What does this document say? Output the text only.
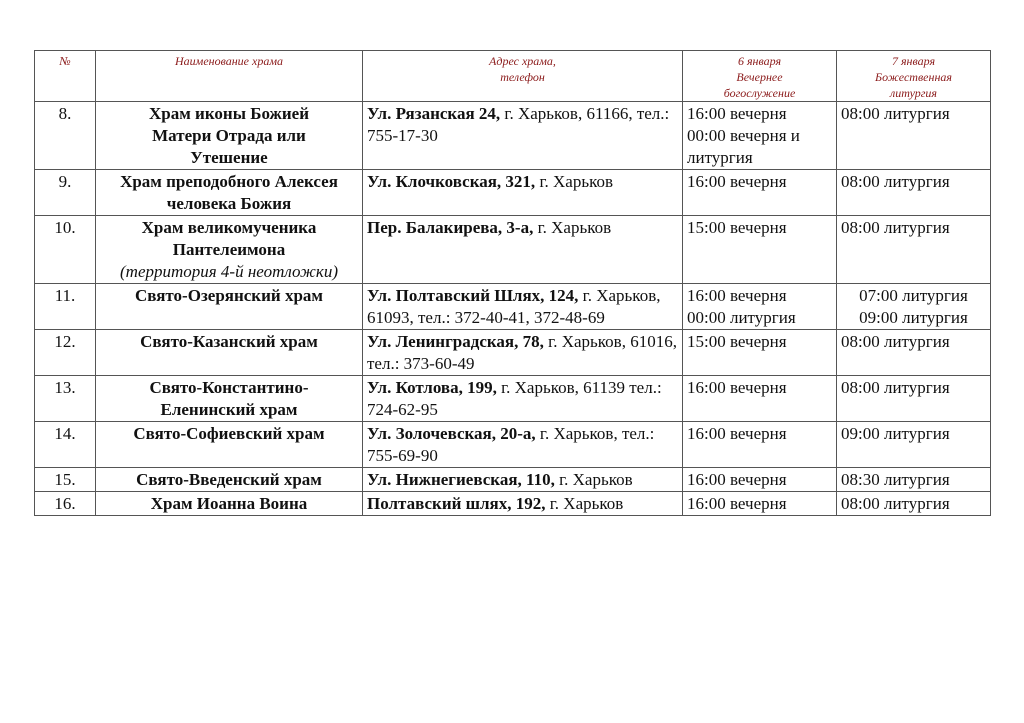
№	Наименование храма	Адрес храма,
телефон	6 января
Вечернее
богослужение	7 января
Божественная
литургия

8.	Храм иконы Божией
Матери Отрада или
Утешение	Ул. Рязанская 24, г. Харьков, 61166, тел.: 755-17-30	16:00 вечерня
00:00 вечерня и
литургия	08:00 литургия

9.	Храм преподобного Алексея
человека Божия	Ул. Клочковская, 321, г. Харьков	16:00 вечерня	08:00 литургия

10.	Храм великомученика
Пантелеимона
(территория 4-й неотложки)	Пер. Балакирева, 3-а, г. Харьков	15:00 вечерня	08:00 литургия

11.	Свято-Озерянский храм	Ул. Полтавский Шлях, 124, г. Харьков, 61093, тел.: 372-40-41, 372-48-69	16:00 вечерня
00:00 литургия	07:00 литургия
09:00 литургия

12.	Свято-Казанский храм	Ул. Ленинградская, 78, г. Харьков, 61016, тел.: 373-60-49	15:00 вечерня	08:00 литургия

13.	Свято-Константино-
Еленинский храм	Ул. Котлова, 199, г. Харьков, 61139 тел.: 724-62-95	16:00 вечерня	08:00 литургия

14.	Свято-Софиевский храм	Ул. Золочевская, 20-а, г. Харьков, тел.: 755-69-90	16:00 вечерня	09:00 литургия

15.	Свято-Введенский храм	Ул. Нижнегиевская, 110, г. Харьков	16:00 вечерня	08:30 литургия

16.	Храм Иоанна Воина	Полтавский шлях, 192, г. Харьков	16:00 вечерня	08:00 литургия
